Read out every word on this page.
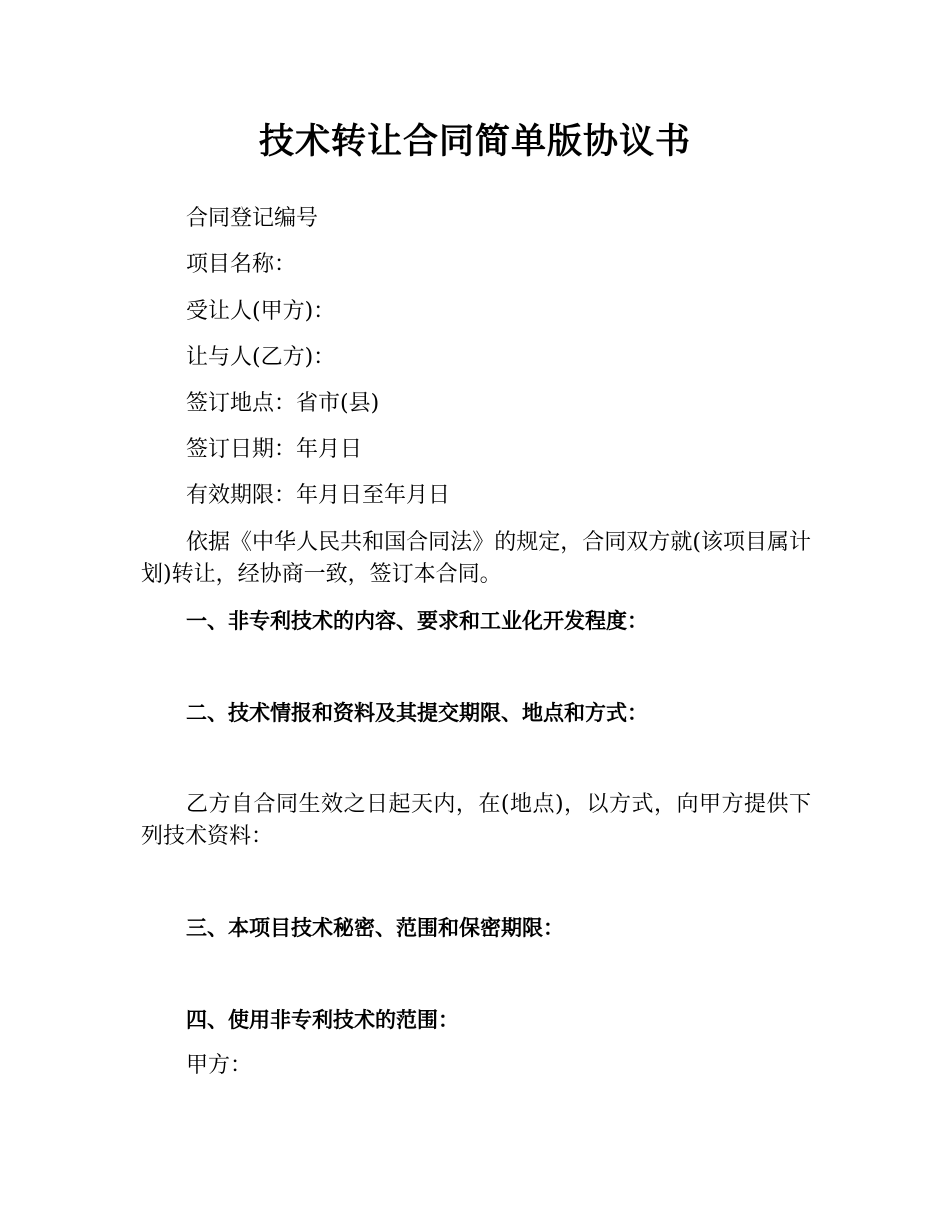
技术转让合同简单版协议书
合同登记编号
项目名称：
受让人(甲方)：
让与人(乙方)：
签订地点：省市(县)
签订日期：年月日
有效期限：年月日至年月日
依据《中华人民共和国合同法》的规定，合同双方就(该项目属计划)转让，经协商一致，签订本合同。
一、非专利技术的内容、要求和工业化开发程度：
二、技术情报和资料及其提交期限、地点和方式：
乙方自合同生效之日起天内，在(地点)，以方式，向甲方提供下列技术资料：
三、本项目技术秘密、范围和保密期限：
四、使用非专利技术的范围：
甲方：
